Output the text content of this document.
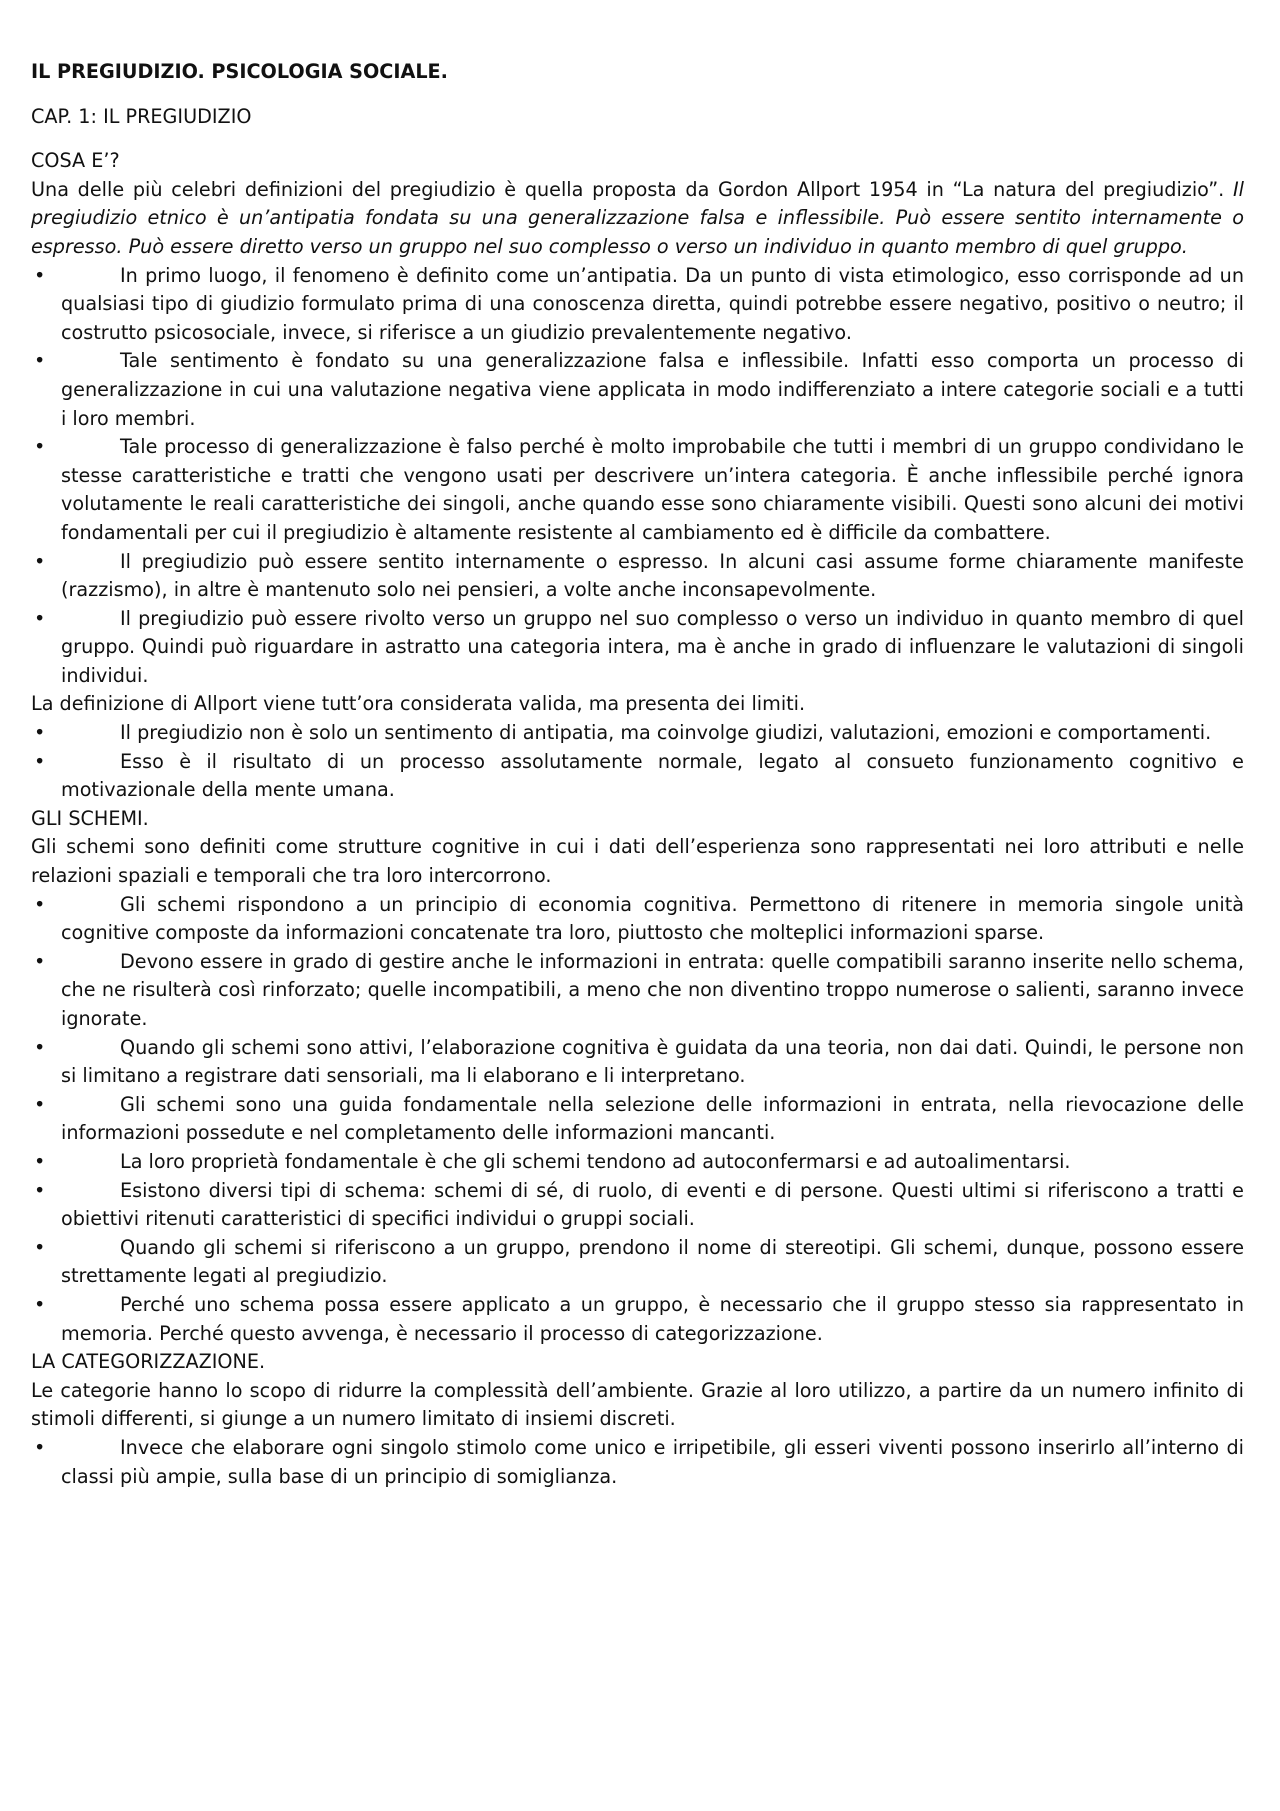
IL PREGIUDIZIO. PSICOLOGIA SOCIALE.
CAP. 1: IL PREGIUDIZIO
COSA E’?

Una delle più celebri definizioni del pregiudizio è quella proposta da Gordon Allport 1954 in “La natura del pregiudizio”. Il pregiudizio etnico è un’antipatia fondata su una generalizzazione falsa e inflessibile. Può essere sentito internamente o espresso. Può essere diretto verso un gruppo nel suo complesso o verso un individuo in quanto membro di quel gruppo.

•	In primo luogo, il fenomeno è definito come un’antipatia. Da un punto di vista etimologico, esso corrisponde ad un qualsiasi tipo di giudizio formulato prima di una conoscenza diretta, quindi potrebbe essere negativo, positivo o neutro; il costrutto psicosociale, invece, si riferisce a un giudizio prevalentemente negativo.
•	Tale sentimento è fondato su una generalizzazione falsa e inflessibile. Infatti esso comporta un processo di generalizzazione in cui una valutazione negativa viene applicata in modo indifferenziato a intere categorie sociali e a tutti i loro membri.
•	Tale processo di generalizzazione è falso perché è molto improbabile che tutti i membri di un gruppo condividano le stesse caratteristiche e tratti che vengono usati per descrivere un’intera categoria. È anche inflessibile perché ignora volutamente le reali caratteristiche dei singoli, anche quando esse sono chiaramente visibili. Questi sono alcuni dei motivi fondamentali per cui il pregiudizio è altamente resistente al cambiamento ed è difficile da combattere.
•	Il pregiudizio può essere sentito internamente o espresso. In alcuni casi assume forme chiaramente manifeste (razzismo), in altre è mantenuto solo nei pensieri, a volte anche inconsapevolmente.
•	Il pregiudizio può essere rivolto verso un gruppo nel suo complesso o verso un individuo in quanto membro di quel gruppo. Quindi può riguardare in astratto una categoria intera, ma è anche in grado di influenzare le valutazioni di singoli individui.

La definizione di Allport viene tutt’ora considerata valida, ma presenta dei limiti.

•	Il pregiudizio non è solo un sentimento di antipatia, ma coinvolge giudizi, valutazioni, emozioni e comportamenti.
•	Esso è il risultato di un processo assolutamente normale, legato al consueto funzionamento cognitivo e motivazionale della mente umana.
GLI SCHEMI.

Gli schemi sono definiti come strutture cognitive in cui i dati dell’esperienza sono rappresentati nei loro attributi e nelle relazioni spaziali e temporali che tra loro intercorrono.

•	Gli schemi rispondono a un principio di economia cognitiva. Permettono di ritenere in memoria singole unità cognitive composte da informazioni concatenate tra loro, piuttosto che molteplici informazioni sparse.
•	Devono essere in grado di gestire anche le informazioni in entrata: quelle compatibili saranno inserite nello schema, che ne risulterà così rinforzato; quelle incompatibili, a meno che non diventino troppo numerose o salienti, saranno invece ignorate.
•	Quando gli schemi sono attivi, l’elaborazione cognitiva è guidata da una teoria, non dai dati. Quindi, le persone non si limitano a registrare dati sensoriali, ma li elaborano e li interpretano.
•	Gli schemi sono una guida fondamentale nella selezione delle informazioni in entrata, nella rievocazione delle informazioni possedute e nel completamento delle informazioni mancanti.
•	La loro proprietà fondamentale è che gli schemi tendono ad autoconfermarsi e ad autoalimentarsi.
•	Esistono diversi tipi di schema: schemi di sé, di ruolo, di eventi e di persone. Questi ultimi si riferiscono a tratti e obiettivi ritenuti caratteristici di specifici individui o gruppi sociali.
•	Quando gli schemi si riferiscono a un gruppo, prendono il nome di stereotipi. Gli schemi, dunque, possono essere strettamente legati al pregiudizio.
•	Perché uno schema possa essere applicato a un gruppo, è necessario che il gruppo stesso sia rappresentato in memoria. Perché questo avvenga, è necessario il processo di categorizzazione.
LA CATEGORIZZAZIONE.

Le categorie hanno lo scopo di ridurre la complessità dell’ambiente. Grazie al loro utilizzo, a partire da un numero infinito di stimoli differenti, si giunge a un numero limitato di insiemi discreti.

•	Invece che elaborare ogni singolo stimolo come unico e irripetibile, gli esseri viventi possono inserirlo all’interno di classi più ampie, sulla base di un principio di somiglianza.
